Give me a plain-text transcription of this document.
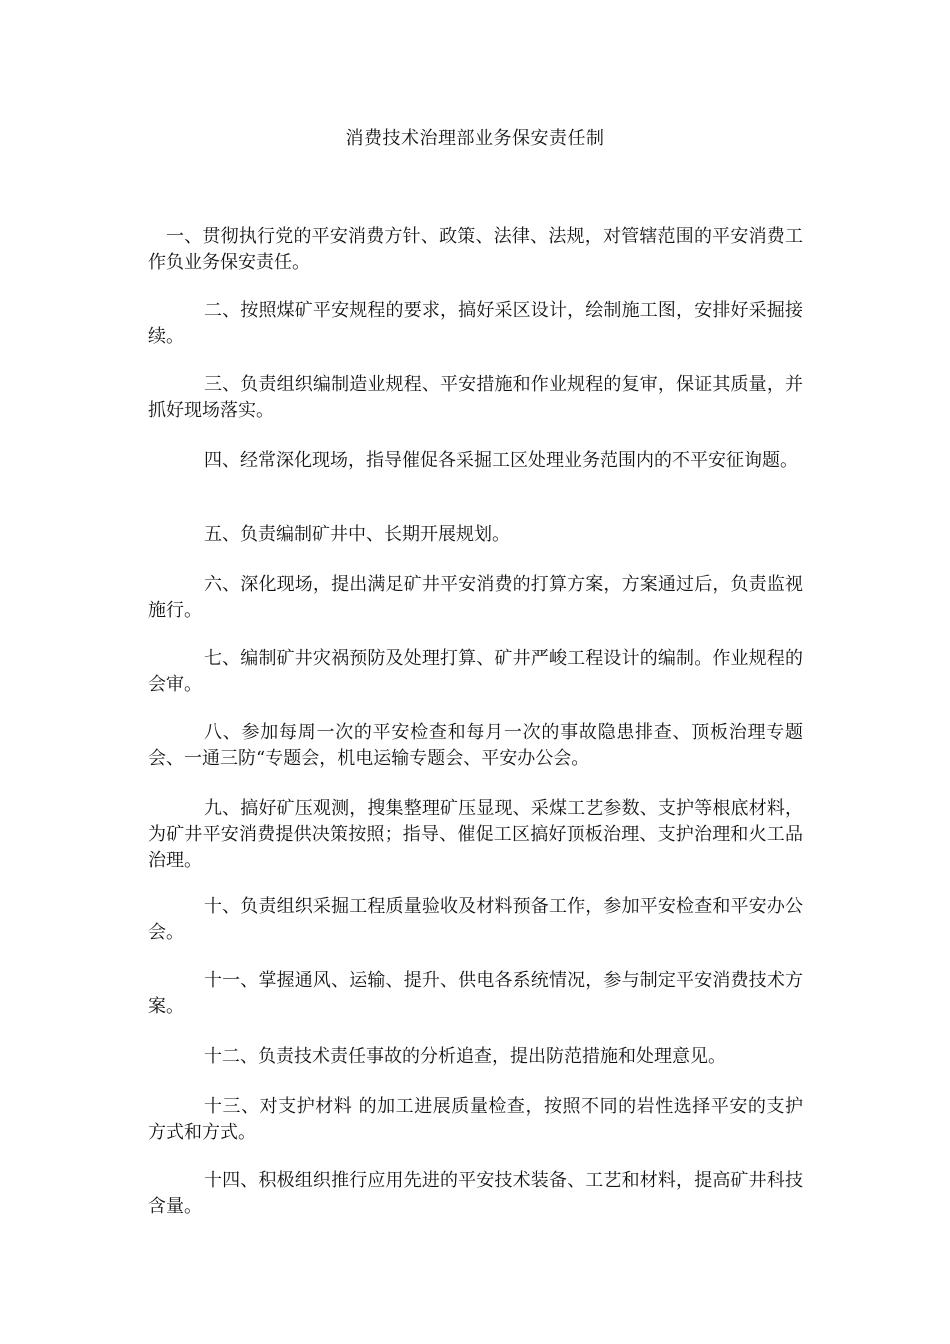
消费技术治理部业务保安责任制

一、贯彻执行党的平安消费方针、政策、法律、法规，对管辖范围的平安消费工作负业务保安责任。

二、按照煤矿平安规程的要求，搞好采区设计，绘制施工图，安排好采掘接续。

三、负责组织编制造业规程、平安措施和作业规程的复审，保证其质量，并抓好现场落实。

四、经常深化现场，指导催促各采掘工区处理业务范围内的不平安征询题。

五、负责编制矿井中、长期开展规划。

六、深化现场，提出满足矿井平安消费的打算方案，方案通过后，负责监视施行。

七、编制矿井灾祸预防及处理打算、矿井严峻工程设计的编制。作业规程的会审。

八、参加每周一次的平安检查和每月一次的事故隐患排查、顶板治理专题会、一通三防“专题会，机电运输专题会、平安办公会。

九、搞好矿压观测，搜集整理矿压显现、采煤工艺参数、支护等根底材料，为矿井平安消费提供决策按照；指导、催促工区搞好顶板治理、支护治理和火工品治理。

十、负责组织采掘工程质量验收及材料预备工作，参加平安检查和平安办公会。

十一、掌握通风、运输、提升、供电各系统情况，参与制定平安消费技术方案。

十二、负责技术责任事故的分析追查，提出防范措施和处理意见。

十三、对支护材料 的加工进展质量检查，按照不同的岩性选择平安的支护方式和方式。

十四、积极组织推行应用先进的平安技术装备、工艺和材料，提高矿井科技含量。
